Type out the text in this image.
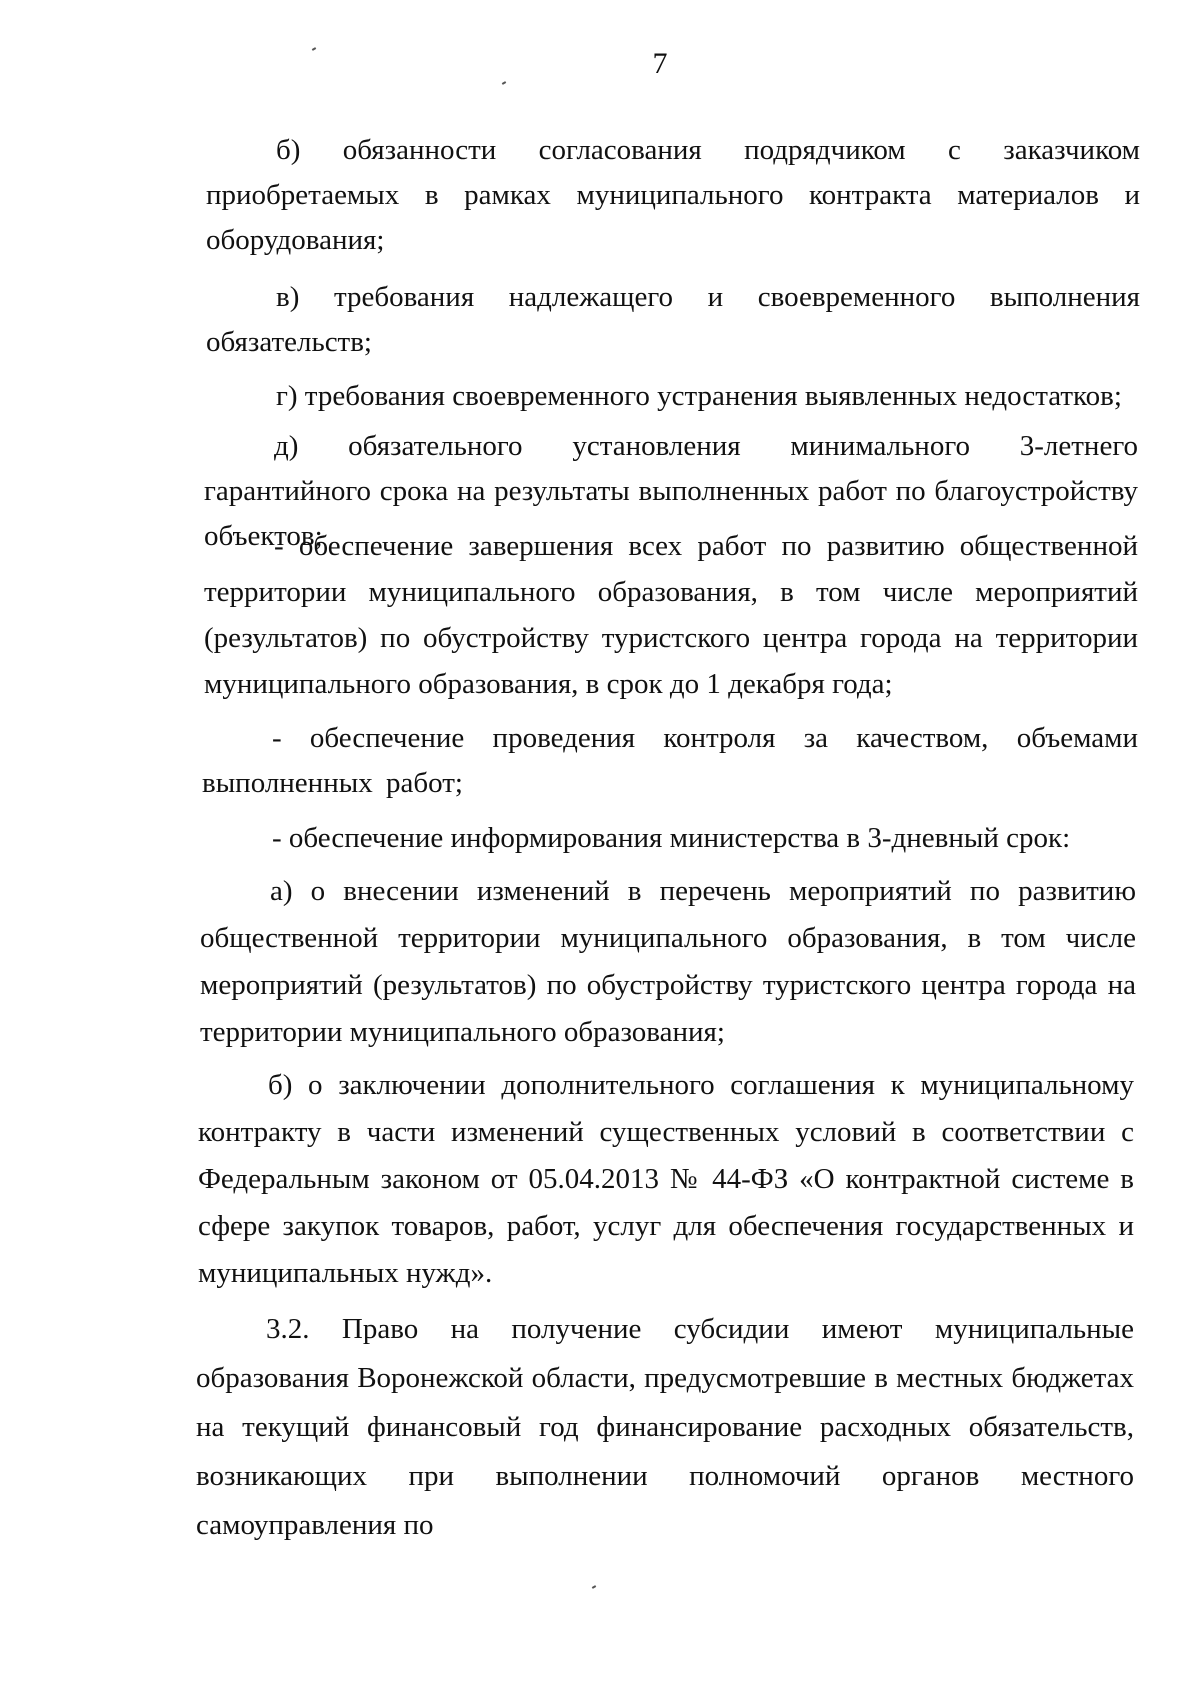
7
б) обязанности согласования подрядчиком с заказчиком приобретаемых в рамках муниципального контракта материалов и оборудования;
в) требования надлежащего и своевременного выполнения обязательств;
г) требования своевременного устранения выявленных недостатков;
д) обязательного установления минимального 3-летнего гарантийного срока на результаты выполненных работ по благоустройству объектов;
- обеспечение завершения всех работ по развитию общественной территории муниципального образования, в том числе мероприятий (результатов) по обустройству туристского центра города на территории муниципального образования, в срок до 1 декабря года;
- обеспечение проведения контроля за качеством, объемами выполненных работ;
- обеспечение информирования министерства в 3-дневный срок:
а) о внесении изменений в перечень мероприятий по развитию общественной территории муниципального образования, в том числе мероприятий (результатов) по обустройству туристского центра города на территории муниципального образования;
б) о заключении дополнительного соглашения к муниципальному контракту в части изменений существенных условий в соответствии с Федеральным законом от 05.04.2013 № 44-ФЗ «О контрактной системе в сфере закупок товаров, работ, услуг для обеспечения государственных и муниципальных нужд».
3.2. Право на получение субсидии имеют муниципальные образования Воронежской области, предусмотревшие в местных бюджетах на текущий финансовый год финансирование расходных обязательств, возникающих при выполнении полномочий органов местного самоуправления по
